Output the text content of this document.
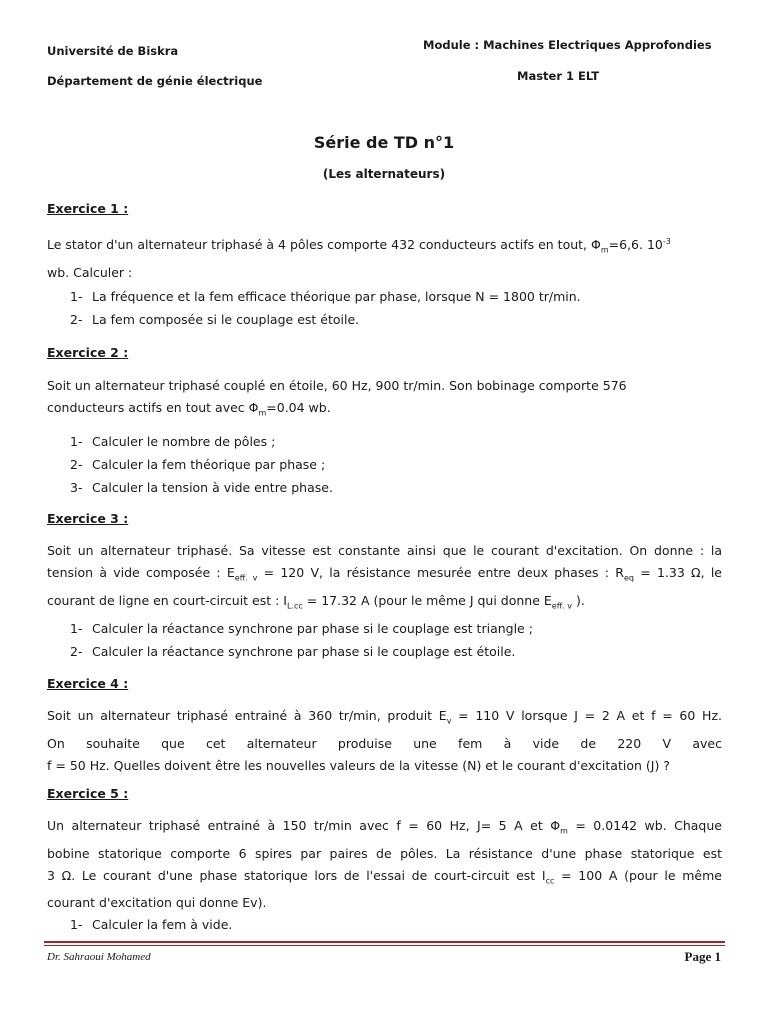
Université de Biskra
Département de génie électrique
Module : Machines Electriques Approfondies
Master 1 ELT
Série de TD n°1
(Les alternateurs)
Exercice 1 :
Le stator d'un alternateur triphasé à 4 pôles comporte 432 conducteurs actifs en tout, $\Phi_m=6,6$. $10^{-3}$
wb. Calculer :
1- La fréquence et la fem efficace théorique par phase, lorsque N = 1800 tr/min.
2- La fem composée si le couplage est étoile.
Exercice 2 :
Soit un alternateur triphasé couplé en étoile, 60 Hz, 900 tr/min. Son bobinage comporte 576
conducteurs actifs en tout avec $\Phi_m=0.04$ wb.
1- Calculer le nombre de pôles ;
2- Calculer la fem théorique par phase ;
3- Calculer la tension à vide entre phase.
Exercice 3 :
Soit un alternateur triphasé. Sa vitesse est constante ainsi que le courant d'excitation. On donne : la
tension à vide composée : $E_{eff. v} = 120$ V, la résistance mesurée entre deux phases : $R_{eq} = 1.33$ Ω, le
courant de ligne en court-circuit est : $I_{L.cc} = 17.32$ A (pour le même J qui donne $E_{eff. v}$ ).
1- Calculer la réactance synchrone par phase si le couplage est triangle ;
2- Calculer la réactance synchrone par phase si le couplage est étoile.
Exercice 4 :
Soit un alternateur triphasé entrainé à 360 tr/min, produit $E_v = 110$ V lorsque J = 2 A et f = 60 Hz.
On souhaite que cet alternateur produise une fem à vide de 220 V avec
f = 50 Hz. Quelles doivent être les nouvelles valeurs de la vitesse (N) et le courant d'excitation (J) ?
Exercice 5 :
Un alternateur triphasé entrainé à 150 tr/min avec f = 60 Hz, J= 5 A et $\Phi_m = 0.0142$ wb. Chaque
bobine statorique comporte 6 spires par paires de pôles. La résistance d'une phase statorique est
3 Ω. Le courant d'une phase statorique lors de l'essai de court-circuit est $I_{cc} = 100$ A (pour le même
courant d'excitation qui donne Ev).
1- Calculer la fem à vide.
Dr. Sahraoui Mohamed	Page 1
